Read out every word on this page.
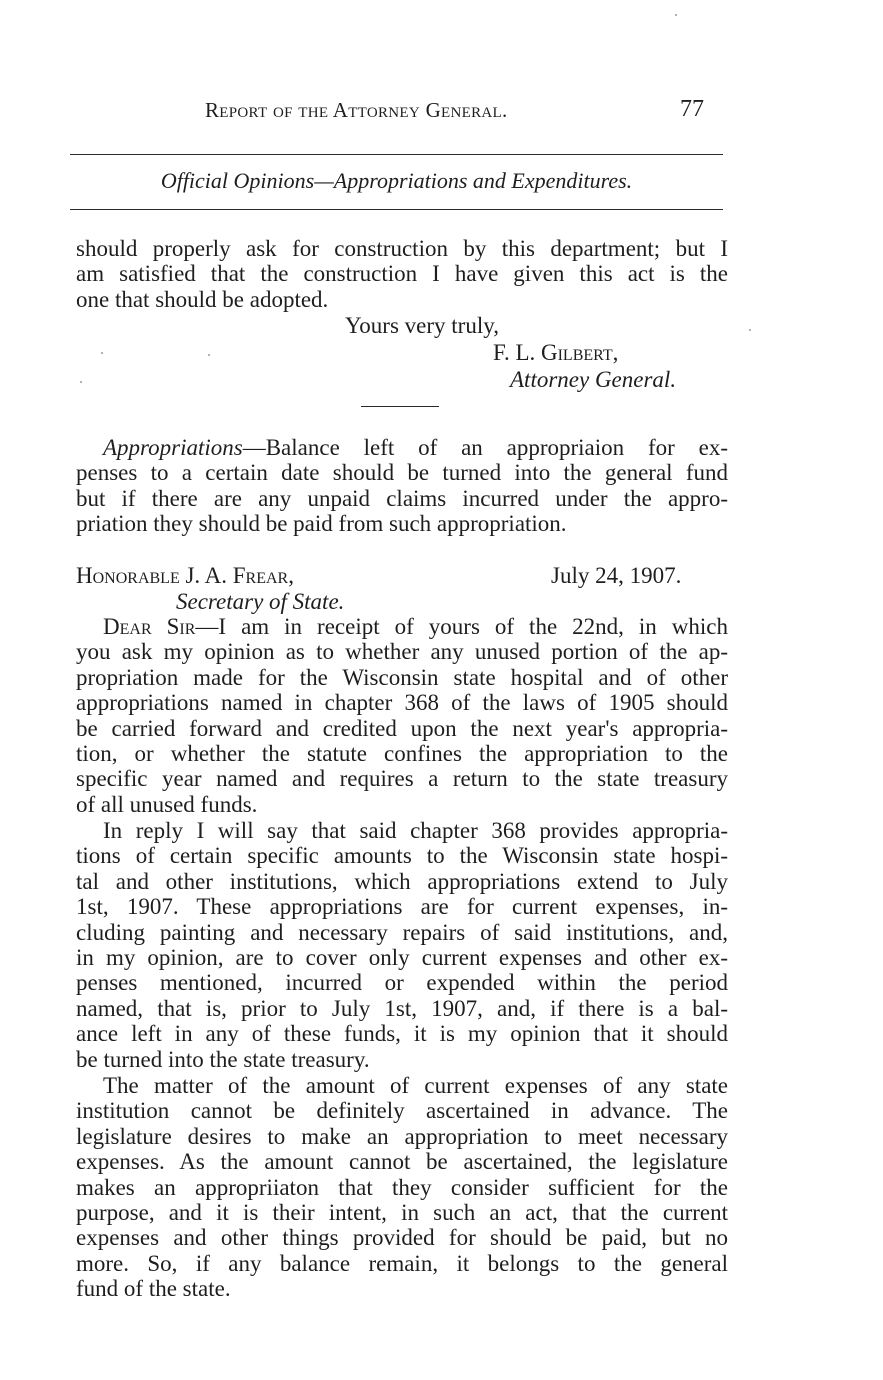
Report of the Attorney General.	77
Official Opinions—Appropriations and Expenditures.
should properly ask for construction by this department; but I
am satisfied that the construction I have given this act is the
one that should be adopted.
Yours very truly,
F. L. Gilbert,
Attorney General.
Appropriations—Balance left of an appropriaion for ex-
penses to a certain date should be turned into the general fund
but if there are any unpaid claims incurred under the appro-
priation they should be paid from such appropriation.
Honorable J. A. Frear,	July 24, 1907.
Secretary of State.
Dear Sir—I am in receipt of yours of the 22nd, in which
you ask my opinion as to whether any unused portion of the ap-
propriation made for the Wisconsin state hospital and of other
appropriations named in chapter 368 of the laws of 1905 should
be carried forward and credited upon the next year's appropria-
tion, or whether the statute confines the appropriation to the
specific year named and requires a return to the state treasury
of all unused funds.
In reply I will say that said chapter 368 provides appropria-
tions of certain specific amounts to the Wisconsin state hospi-
tal and other institutions, which appropriations extend to July
1st, 1907. These appropriations are for current expenses, in-
cluding painting and necessary repairs of said institutions, and,
in my opinion, are to cover only current expenses and other ex-
penses mentioned, incurred or expended within the period
named, that is, prior to July 1st, 1907, and, if there is a bal-
ance left in any of these funds, it is my opinion that it should
be turned into the state treasury.
The matter of the amount of current expenses of any state
institution cannot be definitely ascertained in advance. The
legislature desires to make an appropriation to meet necessary
expenses. As the amount cannot be ascertained, the legislature
makes an appropriiaton that they consider sufficient for the
purpose, and it is their intent, in such an act, that the current
expenses and other things provided for should be paid, but no
more. So, if any balance remain, it belongs to the general
fund of the state.
